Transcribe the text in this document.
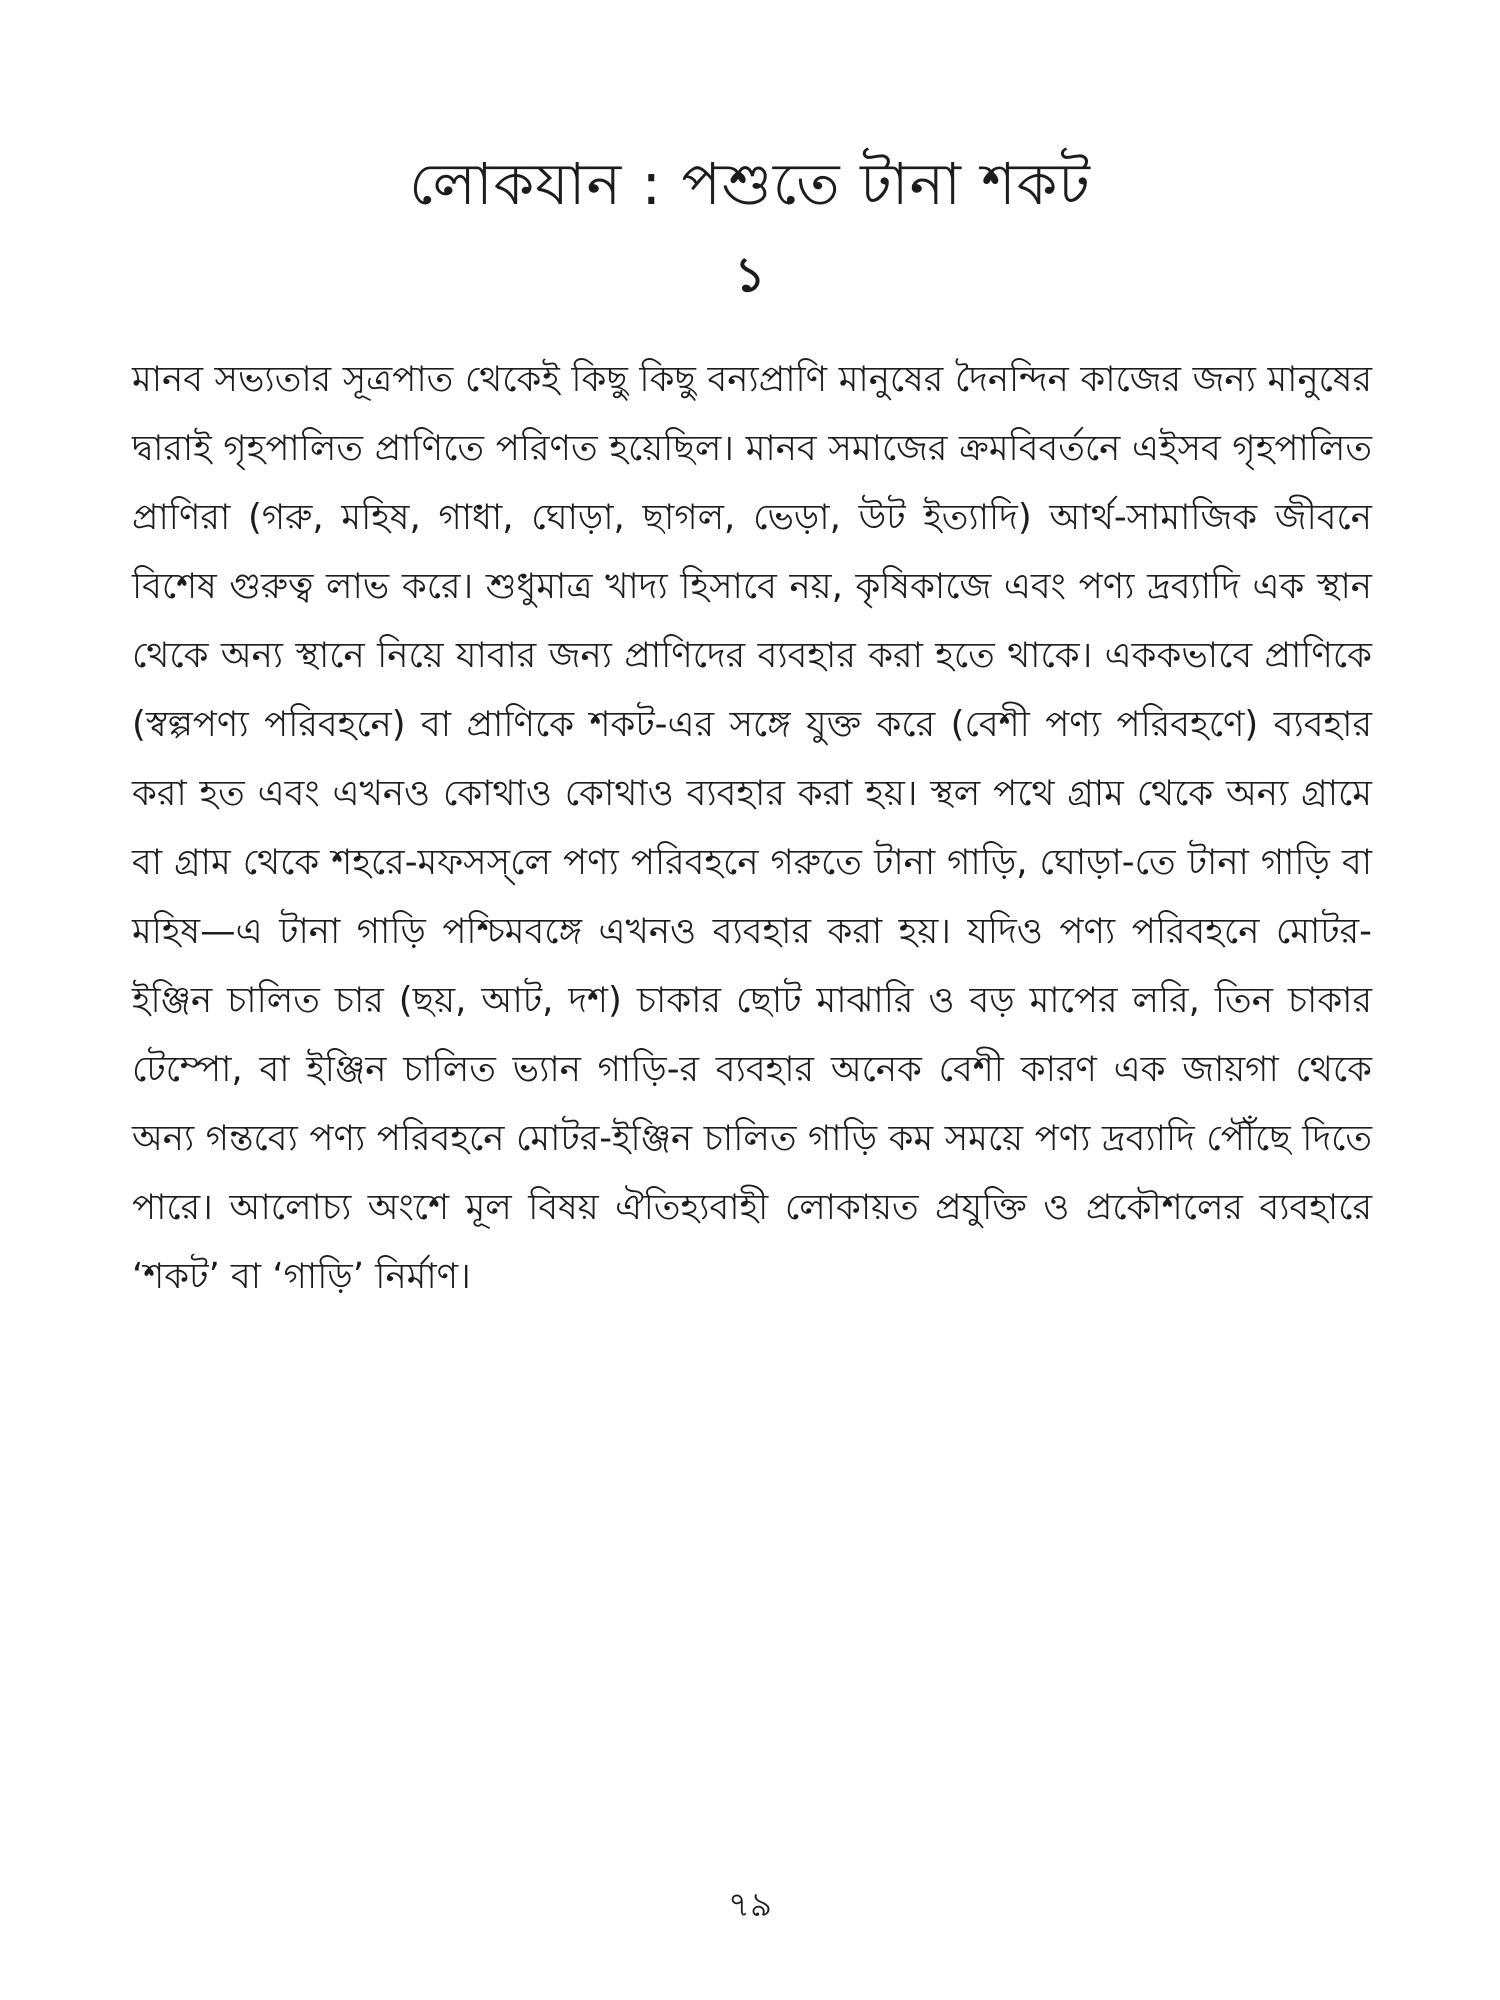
লোকযান : পশুতে টানা শকট
১

মানব সভ্যতার সূত্রপাত থেকেই কিছু কিছু বন্যপ্রাণি মানুষের দৈনন্দিন কাজের জন্য মানুষের দ্বারাই গৃহপালিত প্রাণিতে পরিণত হয়েছিল। মানব সমাজের ক্রমবিবর্তনে এইসব গৃহপালিত প্রাণিরা (গরু, মহিষ, গাধা, ঘোড়া, ছাগল, ভেড়া, উট ইত্যাদি) আর্থ-সামাজিক জীবনে বিশেষ গুরুত্ব লাভ করে। শুধুমাত্র খাদ্য হিসাবে নয়, কৃষিকাজে এবং পণ্য দ্রব্যাদি এক স্থান থেকে অন্য স্থানে নিয়ে যাবার জন্য প্রাণিদের ব্যবহার করা হতে থাকে। এককভাবে প্রাণিকে (স্বল্পপণ্য পরিবহনে) বা প্রাণিকে শকট-এর সঙ্গে যুক্ত করে (বেশী পণ্য পরিবহণে) ব্যবহার করা হত এবং এখনও কোথাও কোথাও ব্যবহার করা হয়। স্থল পথে গ্রাম থেকে অন্য গ্রামে বা গ্রাম থেকে শহরে-মফসস্‌লে পণ্য পরিবহনে গরুতে টানা গাড়ি, ঘোড়া-তে টানা গাড়ি বা মহিষ—এ টানা গাড়ি পশ্চিমবঙ্গে এখনও ব্যবহার করা হয়। যদিও পণ্য পরিবহনে মোটর-ইঞ্জিন চালিত চার (ছয়, আট, দশ) চাকার ছোট মাঝারি ও বড় মাপের লরি, তিন চাকার টেম্পো, বা ইঞ্জিন চালিত ভ্যান গাড়ি-র ব্যবহার অনেক বেশী কারণ এক জায়গা থেকে অন্য গন্তব্যে পণ্য পরিবহনে মোটর-ইঞ্জিন চালিত গাড়ি কম সময়ে পণ্য দ্রব্যাদি পৌঁছে দিতে পারে। আলোচ্য অংশে মূল বিষয় ঐতিহ্যবাহী লোকায়ত প্রযুক্তি ও প্রকৌশলের ব্যবহারে ‘শকট’ বা ‘গাড়ি’ নির্মাণ।

৭৯
